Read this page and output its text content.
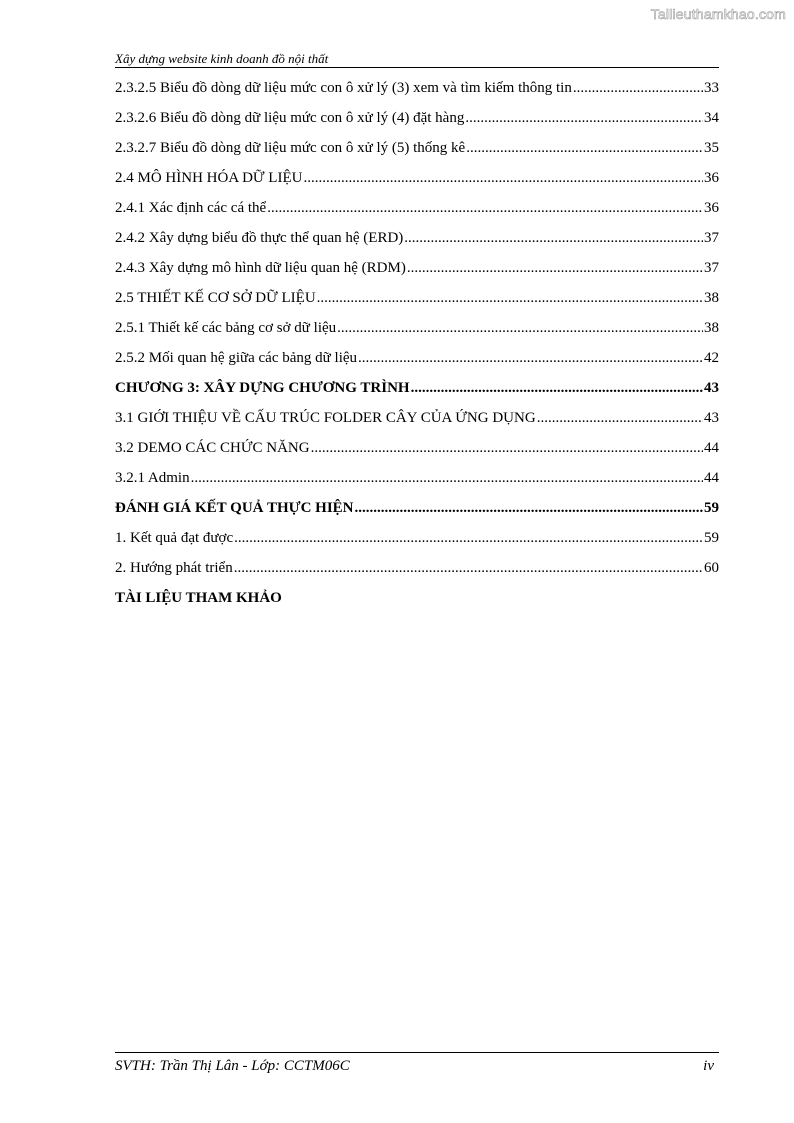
Tailieuthamkhao.com
Xây dựng website kinh doanh đồ nội thất
2.3.2.5 Biểu đồ dòng dữ liệu mức con ô xử lý (3) xem và tìm kiếm thông tin .....	33
2.3.2.6 Biểu đồ dòng dữ liệu mức con ô xử lý (4) đặt hàng .....	34
2.3.2.7 Biểu đồ dòng dữ liệu mức con ô xử lý (5) thống kê .....	35
2.4 MÔ HÌNH HÓA DỮ LIỆU .....	36
2.4.1 Xác định các cá thể .....	36
2.4.2 Xây dựng biểu đồ thực thể quan hệ (ERD) .....	37
2.4.3 Xây dựng mô hình dữ liệu quan hệ (RDM) .....	37
2.5 THIẾT KẾ CƠ SỞ DỮ LIỆU .....	38
2.5.1 Thiết kế các bảng cơ sở dữ liệu .....	38
2.5.2 Mối quan hệ giữa các bảng dữ liệu .....	42
CHƯƠNG 3: XÂY DỰNG CHƯƠNG TRÌNH .....	43
3.1 GIỚI THIỆU VỀ CẤU TRÚC FOLDER CÂY CỦA ỨNG DỤNG .....	43
3.2 DEMO CÁC CHỨC NĂNG .....	44
3.2.1 Admin .....	44
ĐÁNH GIÁ KẾT QUẢ THỰC HIỆN .....	59
1. Kết quả đạt được .....	59
2. Hướng phát triển .....	60
TÀI LIỆU THAM KHẢO
SVTH: Trần Thị Lân - Lớp: CCTM06C	iv
